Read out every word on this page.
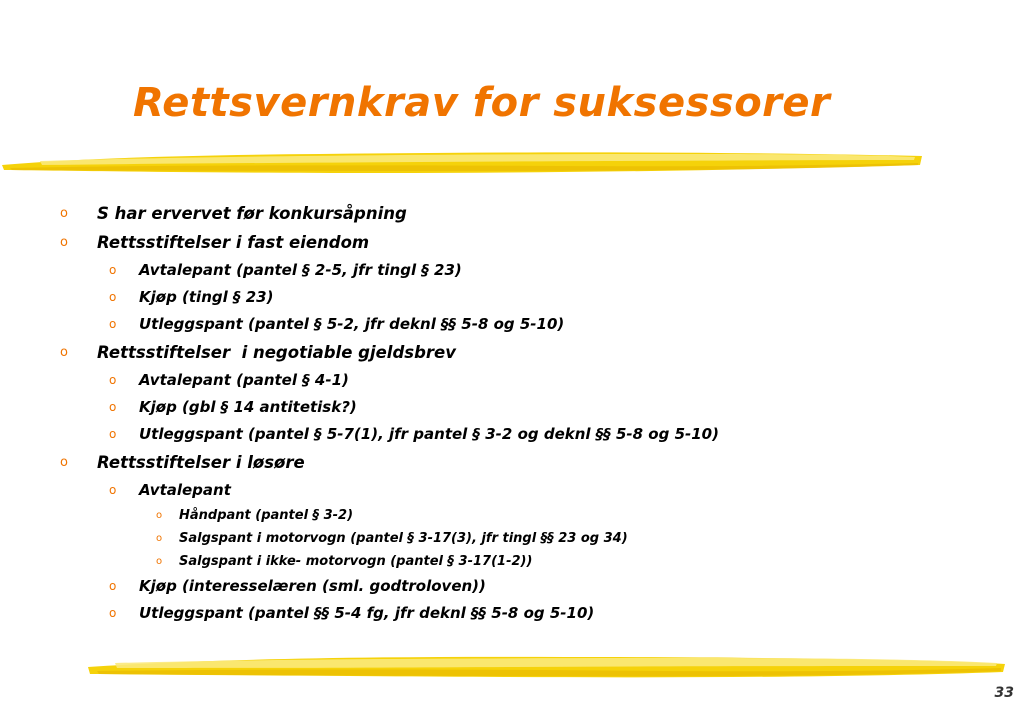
Rettsvernkrav for suksessorer
o S har ervervet før konkursåpning
o Rettsstiftelser i fast eiendom
o Avtalepant (pantel § 2-5, jfr tingl § 23)
o Kjøp (tingl § 23)
o Utleggspant (pantel § 5-2, jfr deknl §§ 5-8 og 5-10)
o Rettsstiftelser  i negotiable gjeldsbrev
o Avtalepant (pantel § 4-1)
o Kjøp (gbl § 14 antitetisk?)
o Utleggspant (pantel § 5-7(1), jfr pantel § 3-2 og deknl §§ 5-8 og 5-10)
o Rettsstiftelser i løsøre
o Avtalepant
o Håndpant (pantel § 3-2)
o Salgspant i motorvogn (pantel § 3-17(3), jfr tingl §§ 23 og 34)
o Salgspant i ikke- motorvogn (pantel § 3-17(1-2))
o Kjøp (interesselæren (sml. godtroloven))
o Utleggspant (pantel §§ 5-4 fg, jfr deknl §§ 5-8 og 5-10)
33
